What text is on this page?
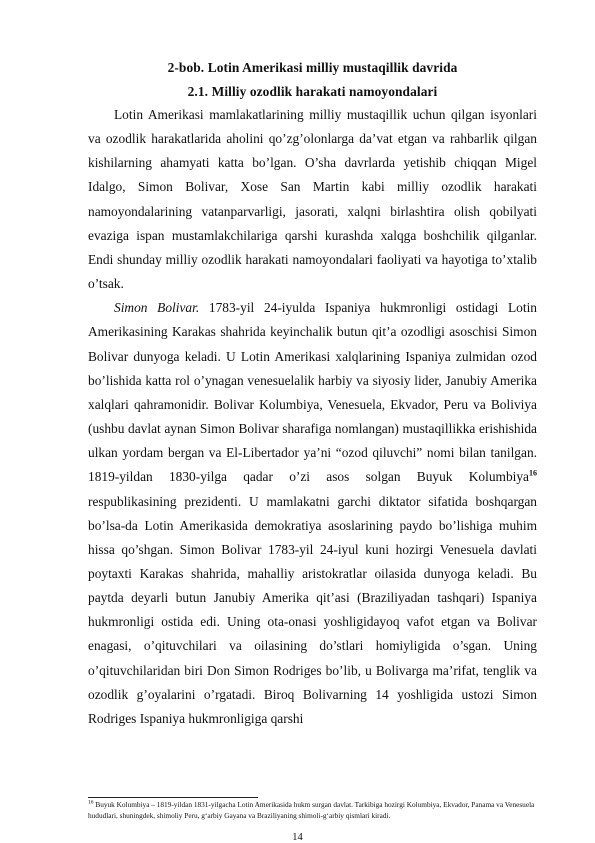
2-bob. Lotin Amerikasi milliy mustaqillik davrida
2.1. Milliy ozodlik harakati namoyondalari

Lotin Amerikasi mamlakatlarining milliy mustaqillik uchun qilgan isyonlari va ozodlik harakatlarida aholini qo’zg’olonlarga da’vat etgan va rahbarlik qilgan kishilarning ahamyati katta bo’lgan. O’sha davrlarda yetishib chiqqan Migel Idalgo, Simon Bolivar, Xose San Martin kabi milliy ozodlik harakati namoyondalarining vatanparvarligi, jasorati, xalqni birlashtira olish qobilyati evaziga ispan mustamlakchilariga qarshi kurashda xalqga boshchilik qilganlar. Endi shunday milliy ozodlik harakati namoyondalari faoliyati va hayotiga to’xtalib o’tsak.

Simon Bolivar. 1783-yil 24-iyulda Ispaniya hukmronligi ostidagi Lotin Amerikasining Karakas shahrida keyinchalik butun qit’a ozodligi asoschisi Simon Bolivar dunyoga keladi. U Lotin Amerikasi xalqlarining Ispaniya zulmidan ozod bo’lishida katta rol o’ynagan venesuelalik harbiy va siyosiy lider, Janubiy Amerika xalqlari qahramonidir. Bolivar Kolumbiya, Venesuela, Ekvador, Peru va Boliviya (ushbu davlat aynan Simon Bolivar sharafiga nomlangan) mustaqillikka erishishida ulkan yordam bergan va El-Libertador ya’ni “ozod qiluvchi” nomi bilan tanilgan. 1819-yildan 1830-yilga qadar o’zi asos solgan Buyuk Kolumbiya$^{16}$ respublikasining prezidenti. U mamlakatni garchi diktator sifatida boshqargan bo’lsa-da Lotin Amerikasida demokratiya asoslarining paydo bo’lishiga muhim hissa qo’shgan. Simon Bolivar 1783-yil 24-iyul kuni hozirgi Venesuela davlati poytaxti Karakas shahrida, mahalliy aristokratlar oilasida dunyoga keladi. Bu paytda deyarli butun Janubiy Amerika qit’asi (Braziliyadan tashqari) Ispaniya hukmronligi ostida edi. Uning ota-onasi yoshligidayoq vafot etgan va Bolivar enagasi, o’qituvchilari va oilasining do’stlari homiyligida o’sgan. Uning o’qituvchilaridan biri Don Simon Rodriges bo’lib, u Bolivarga ma’rifat, tenglik va ozodlik g’oyalarini o’rgatadi. Biroq Bolivarning 14 yoshligida ustozi Simon Rodriges Ispaniya hukmronligiga qarshi

$^{16}$ Buyuk Kolumbiya – 1819-yildan 1831-yilgacha Lotin Amerikasida hukm surgan davlat. Tarkibiga hozirgi Kolumbiya, Ekvador, Panama va Venesuela hududlari, shuningdek, shimoliy Peru, g‘arbiy Gayana va Braziliyaning shimoli-g‘arbiy qismlari kiradi.

14
